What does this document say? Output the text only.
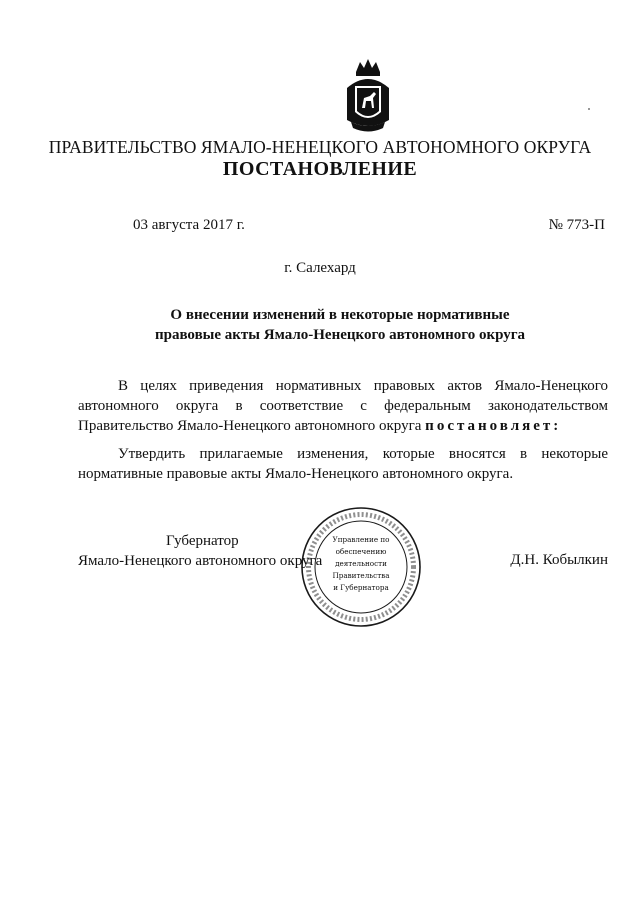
ПРАВИТЕЛЬСТВО ЯМАЛО-НЕНЕЦКОГО АВТОНОМНОГО ОКРУГА
ПОСТАНОВЛЕНИЕ
03 августа 2017 г.	№ 773-П
г. Салехард
О внесении изменений в некоторые нормативные
правовые акты Ямало-Ненецкого автономного округа
В целях приведения нормативных правовых актов Ямало-Ненецкого
автономного округа в соответствие с федеральным законодательством
Правительство Ямало-Ненецкого автономного округа постановляет:
Утвердить прилагаемые изменения, которые вносятся в некоторые
нормативные правовые акты Ямало-Ненецкого автономного округа.
Губернатор
Ямало-Ненецкого автономного округа	Д.Н. Кобылкин
Управление по
обеспечению
деятельности
Правительства
и Губернатора
